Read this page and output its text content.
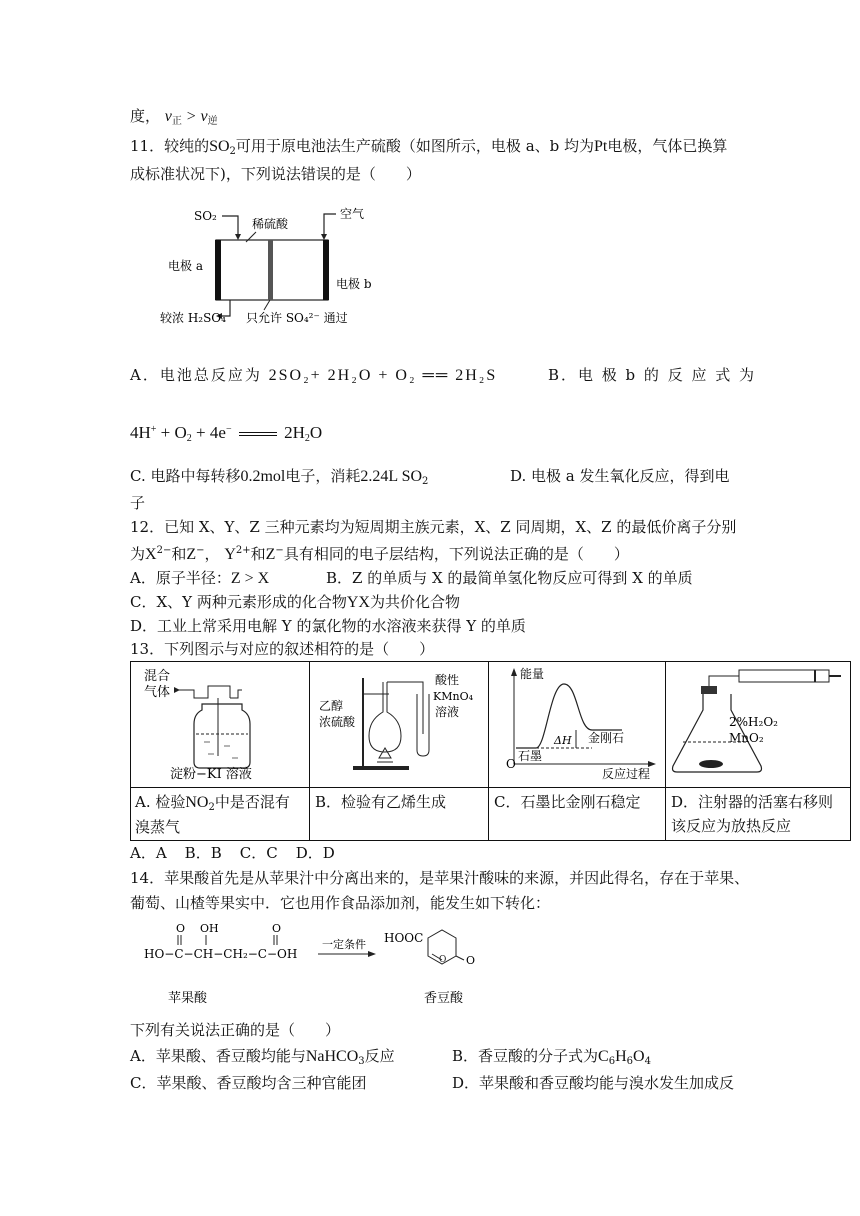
度， $v_正 > v_逆$
11．较纯的$SO_2$可用于原电池法生产硫酸（如图所示，电极 a、b 均为Pt电极，气体已换算
成标准状况下)，下列说法错误的是（　　）
SO₂
稀硫酸
空气
电极 a
电极 b
较浓 H₂SO₄ 只允许 SO₄²⁻ 通过
A．电池总反应为 2SO₂+ 2H₂O + O₂ ══ 2H₂S	B．电 极 b 的 反 应 式 为
$4H^+ + O_2 + 4e^-$	$2H_2O$
C. 电路中每转移0.2mol电子，消耗2.24L $SO_2$	D. 电极 a 发生氧化反应，得到电
子
12．已知 X、Y、Z 三种元素均为短周期主族元素，X、Z 同周期，X、Z 的最低价离子分别
为$X^{2-}$和Z−， $Y^{2+}$和Z−具有相同的电子层结构，下列说法正确的是（　　）
A．原子半径：Z > X	B．Z 的单质与 X 的最简单氢化物反应可得到 X 的单质
C．X、Y 两种元素形成的化合物YX为共价化合物
D．工业上常采用电解 Y 的氯化物的水溶液来获得 Y 的单质
13．下列图示与对应的叙述相符的是（　　）
混合
气体
淀粉−KI 溶液
乙醇
浓硫酸
酸性
KMnO₄
溶液
能量
O
反应过程
ΔH 金刚石
石墨
2%H₂O₂
MnO₂
A. 检验$NO_2$中是否混有
溴蒸气
B．检验有乙烯生成	C．石墨比金刚石稳定	D．注射器的活塞右移则
该反应为放热反应
A．A B．B C．C D．D
14．苹果酸首先是从苹果汁中分离出来的，是苹果汁酸味的来源，并因此得名，存在于苹果、
葡萄、山楂等果实中．它也用作食品添加剂，能发生如下转化：
O OH	O
HO−C−CH−CH₂−C−OH
一定条件 HOOC
O O
苹果酸	香豆酸
下列有关说法正确的是（　　）
A．苹果酸、香豆酸均能与NaHCO$_3$反应	B．香豆酸的分子式为$C_6H_6O_4$
C．苹果酸、香豆酸均含三种官能团	D．苹果酸和香豆酸均能与溴水发生加成反
